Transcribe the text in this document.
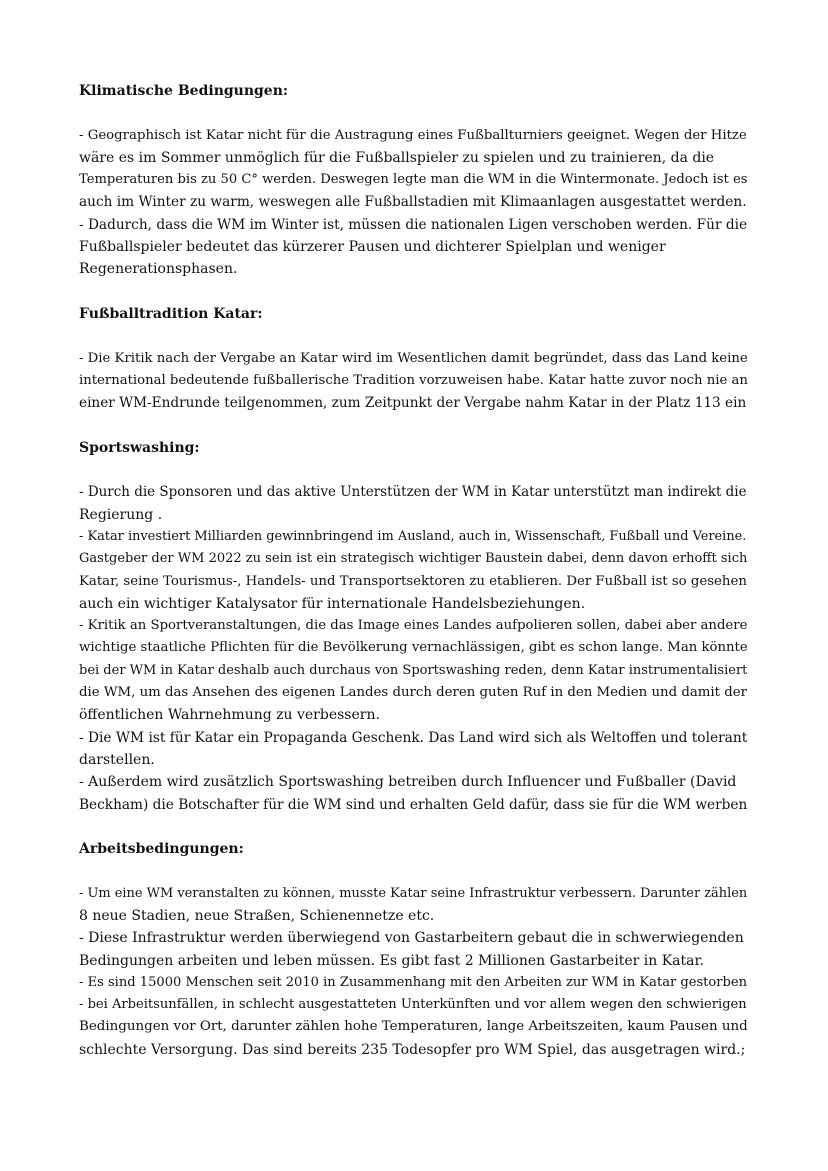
Klimatische Bedingungen:

- Geographisch ist Katar nicht für die Austragung eines Fußballturniers geeignet. Wegen der Hitze
wäre es im Sommer unmöglich für die Fußballspieler zu spielen und zu trainieren, da die
Temperaturen bis zu 50 C° werden. Deswegen legte man die WM in die Wintermonate. Jedoch ist es
auch im Winter zu warm, weswegen alle Fußballstadien mit Klimaanlagen ausgestattet werden.
- Dadurch, dass die WM im Winter ist, müssen die nationalen Ligen verschoben werden. Für die
Fußballspieler bedeutet das kürzerer Pausen und dichterer Spielplan und weniger
Regenerationsphasen.

Fußballtradition Katar:

- Die Kritik nach der Vergabe an Katar wird im Wesentlichen damit begründet, dass das Land keine
international bedeutende fußballerische Tradition vorzuweisen habe. Katar hatte zuvor noch nie an
einer WM-Endrunde teilgenommen, zum Zeitpunkt der Vergabe nahm Katar in der Platz 113 ein

Sportswashing:

- Durch die Sponsoren und das aktive Unterstützen der WM in Katar unterstützt man indirekt die
Regierung .
- Katar investiert Milliarden gewinnbringend im Ausland, auch in, Wissenschaft, Fußball und Vereine.
Gastgeber der WM 2022 zu sein ist ein strategisch wichtiger Baustein dabei, denn davon erhofft sich
Katar, seine Tourismus-, Handels- und Transportsektoren zu etablieren. Der Fußball ist so gesehen
auch ein wichtiger Katalysator für internationale Handelsbeziehungen.
- Kritik an Sportveranstaltungen, die das Image eines Landes aufpolieren sollen, dabei aber andere
wichtige staatliche Pflichten für die Bevölkerung vernachlässigen, gibt es schon lange. Man könnte
bei der WM in Katar deshalb auch durchaus von Sportswashing reden, denn Katar instrumentalisiert
die WM, um das Ansehen des eigenen Landes durch deren guten Ruf in den Medien und damit der
öffentlichen Wahrnehmung zu verbessern.
- Die WM ist für Katar ein Propaganda Geschenk. Das Land wird sich als Weltoffen und tolerant
darstellen.
- Außerdem wird zusätzlich Sportswashing betreiben durch Influencer und Fußballer (David
Beckham) die Botschafter für die WM sind und erhalten Geld dafür, dass sie für die WM werben

Arbeitsbedingungen:

- Um eine WM veranstalten zu können, musste Katar seine Infrastruktur verbessern. Darunter zählen
8 neue Stadien, neue Straßen, Schienennetze etc.
- Diese Infrastruktur werden überwiegend von Gastarbeitern gebaut die in schwerwiegenden
Bedingungen arbeiten und leben müssen. Es gibt fast 2 Millionen Gastarbeiter in Katar.
- Es sind 15000 Menschen seit 2010 in Zusammenhang mit den Arbeiten zur WM in Katar gestorben
- bei Arbeitsunfällen, in schlecht ausgestatteten Unterkünften und vor allem wegen den schwierigen
Bedingungen vor Ort, darunter zählen hohe Temperaturen, lange Arbeitszeiten, kaum Pausen und
schlechte Versorgung. Das sind bereits 235 Todesopfer pro WM Spiel, das ausgetragen wird.;
